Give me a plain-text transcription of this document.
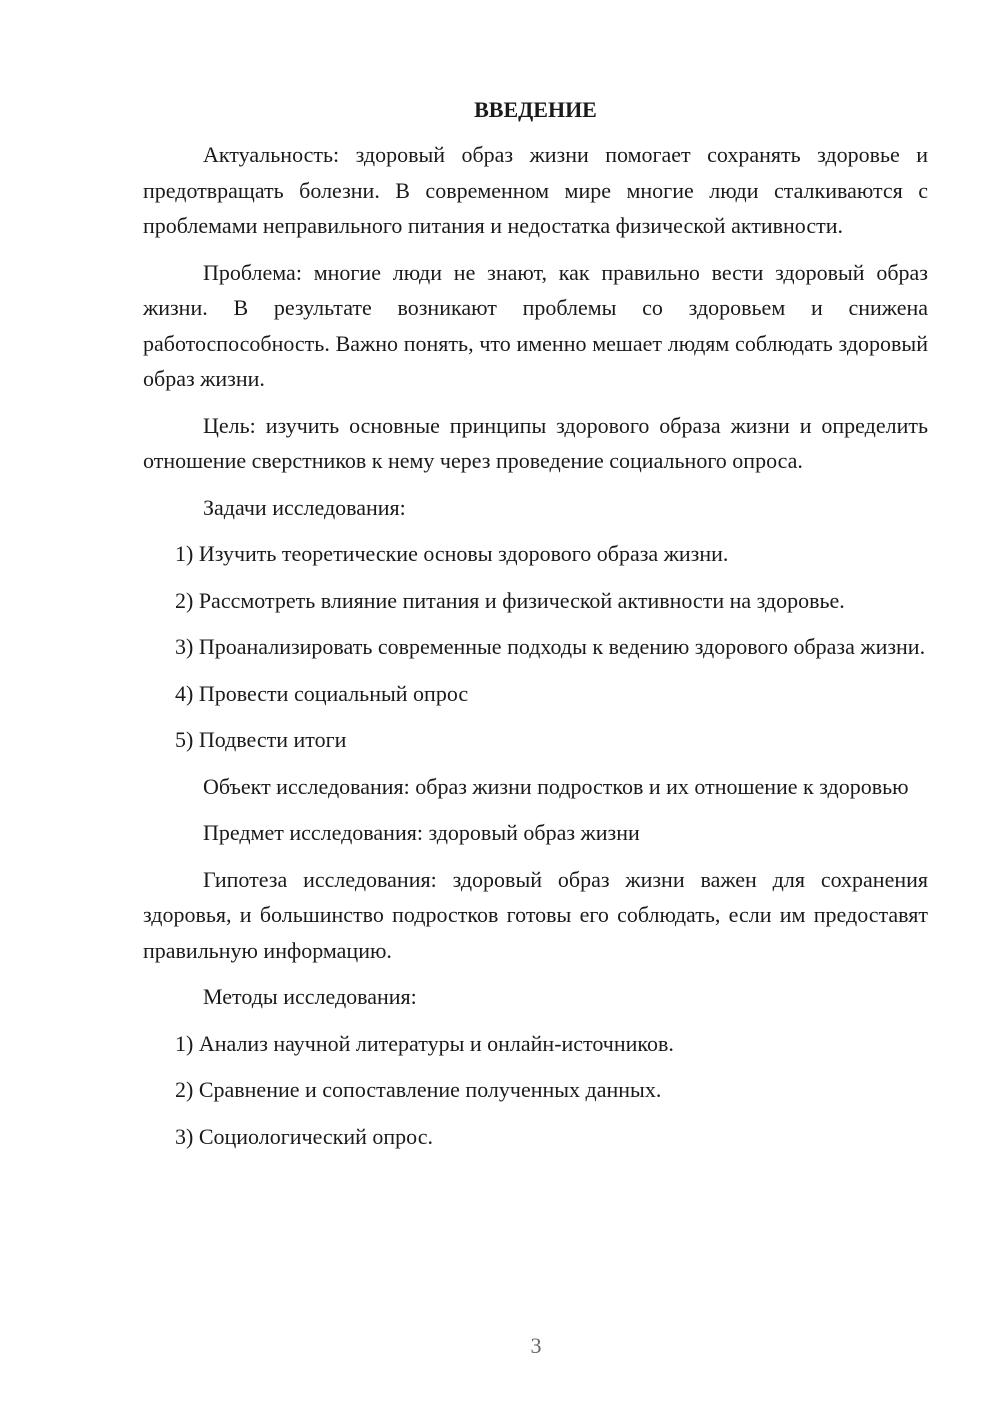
ВВЕДЕНИЕ

Актуальность: здоровый образ жизни помогает сохранять здоровье и предотвращать болезни. В современном мире многие люди сталкиваются с проблемами неправильного питания и недостатка физической активности.

Проблема: многие люди не знают, как правильно вести здоровый образ жизни. В результате возникают проблемы со здоровьем и снижена работоспособность. Важно понять, что именно мешает людям соблюдать здоровый образ жизни.

Цель: изучить основные принципы здорового образа жизни и определить отношение сверстников к нему через проведение социального опроса.

Задачи исследования:

1) Изучить теоретические основы здорового образа жизни.

2) Рассмотреть влияние питания и физической активности на здоровье.

3) Проанализировать современные подходы к ведению здорового образа жизни.

4) Провести социальный опрос

5) Подвести итоги

Объект исследования: образ жизни подростков и их отношение к здоровью

Предмет исследования: здоровый образ жизни

Гипотеза исследования: здоровый образ жизни важен для сохранения здоровья, и большинство подростков готовы его соблюдать, если им предоставят правильную информацию.

Методы исследования:

1) Анализ научной литературы и онлайн-источников.

2) Сравнение и сопоставление полученных данных.

3) Социологический опрос.

3
